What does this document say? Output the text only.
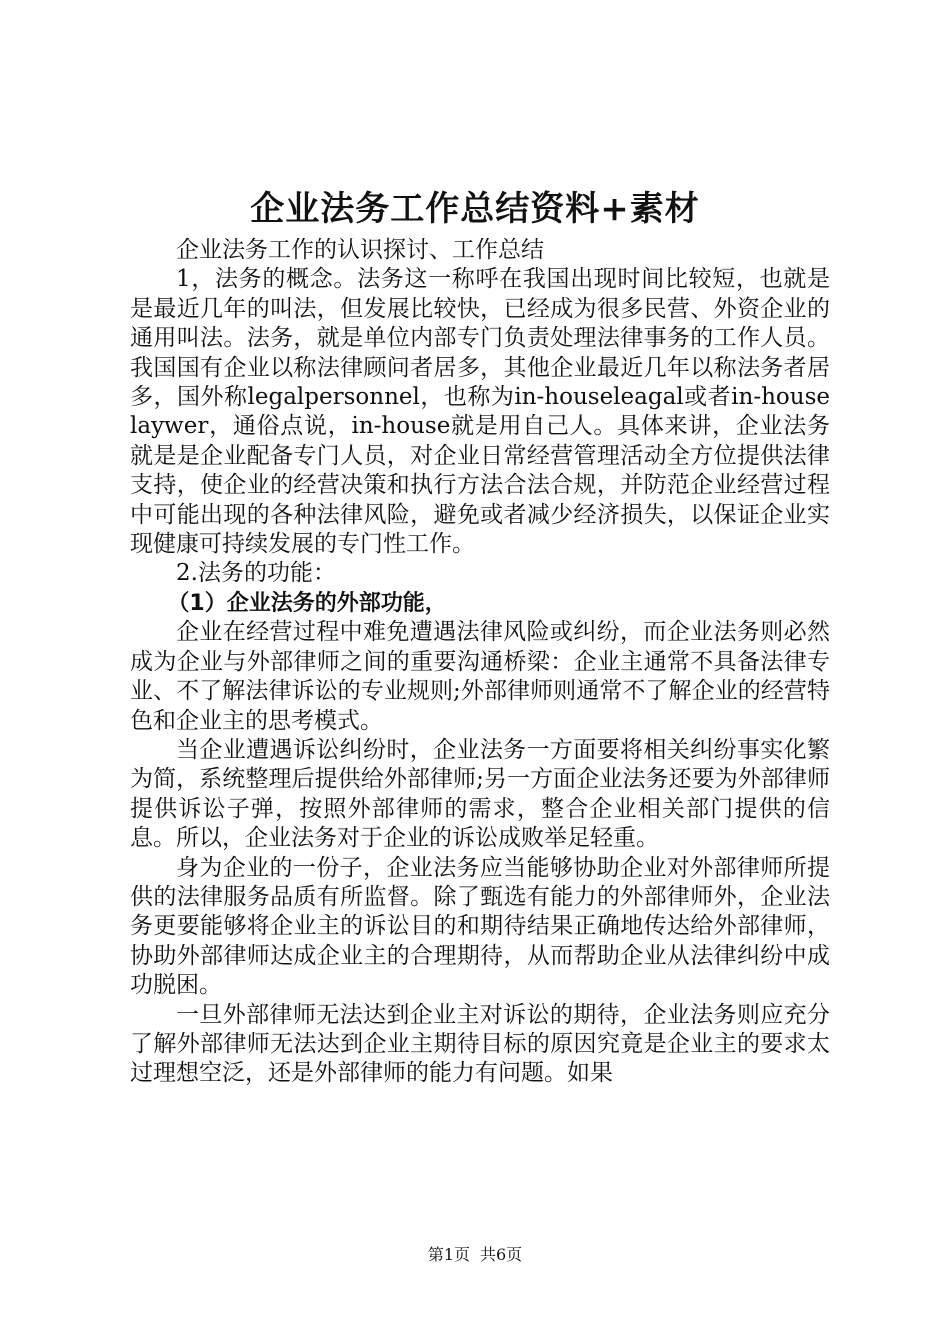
企业法务工作总结资料+素材

企业法务工作的认识探讨、工作总结

1，法务的概念。法务这一称呼在我国出现时间比较短，也就是是最近几年的叫法，但发展比较快，已经成为很多民营、外资企业的通用叫法。法务，就是单位内部专门负责处理法律事务的工作人员。我国国有企业以称法律顾问者居多，其他企业最近几年以称法务者居多，国外称legalpersonnel，也称为in-houseleagal或者in-houselaywer，通俗点说，in-house就是用自己人。具体来讲，企业法务就是是企业配备专门人员，对企业日常经营管理活动全方位提供法律支持，使企业的经营决策和执行方法合法合规，并防范企业经营过程中可能出现的各种法律风险，避免或者减少经济损失，以保证企业实现健康可持续发展的专门性工作。

2.法务的功能：

（1）企业法务的外部功能，

企业在经营过程中难免遭遇法律风险或纠纷，而企业法务则必然成为企业与外部律师之间的重要沟通桥梁：企业主通常不具备法律专业、不了解法律诉讼的专业规则;外部律师则通常不了解企业的经营特色和企业主的思考模式。

当企业遭遇诉讼纠纷时，企业法务一方面要将相关纠纷事实化繁为简，系统整理后提供给外部律师;另一方面企业法务还要为外部律师提供诉讼子弹，按照外部律师的需求，整合企业相关部门提供的信息。所以，企业法务对于企业的诉讼成败举足轻重。

身为企业的一份子，企业法务应当能够协助企业对外部律师所提供的法律服务品质有所监督。除了甄选有能力的外部律师外，企业法务更要能够将企业主的诉讼目的和期待结果正确地传达给外部律师，协助外部律师达成企业主的合理期待，从而帮助企业从法律纠纷中成功脱困。

一旦外部律师无法达到企业主对诉讼的期待，企业法务则应充分了解外部律师无法达到企业主期待目标的原因究竟是企业主的要求太过理想空泛，还是外部律师的能力有问题。如果

第1页 共6页
